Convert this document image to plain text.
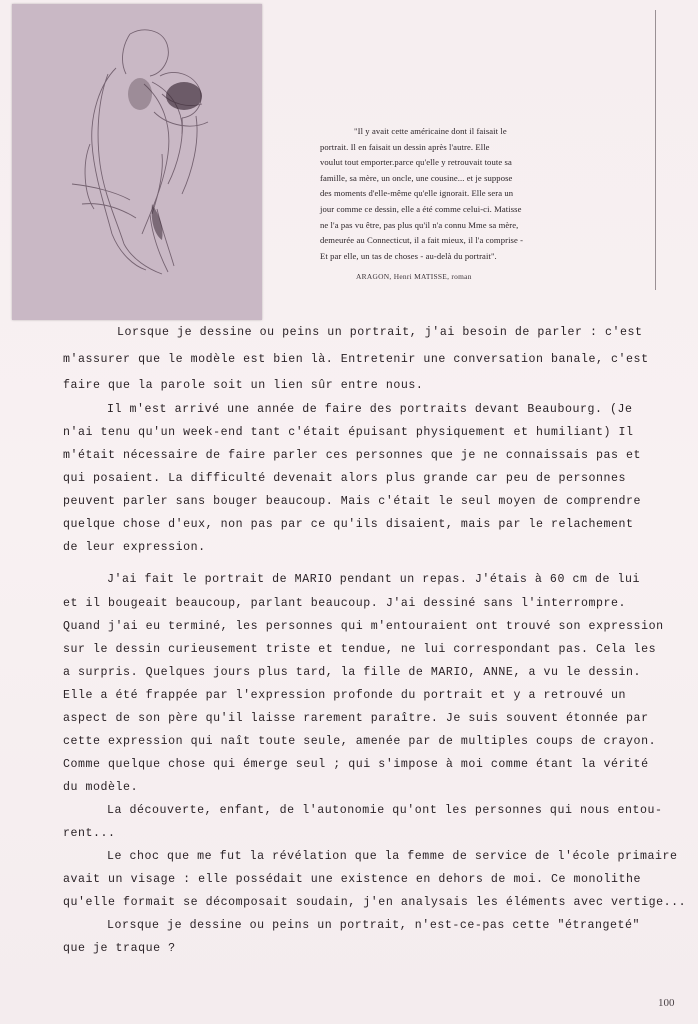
"Il y avait cette américaine dont il faisait le
portrait. Il en faisait un dessin après l'autre. Elle
voulut tout emporter.parce qu'elle y retrouvait toute sa
famille, sa mère, un oncle, une cousine... et je suppose
des moments d'elle-même qu'elle ignorait. Elle sera un
jour comme ce dessin, elle a été comme celui-ci. Matisse
ne l'a pas vu être, pas plus qu'il n'a connu Mme sa mère,
demeurée au Connecticut, il a fait mieux, il l'a comprise -
Et par elle, un tas de choses - au-delà du portrait".
ARAGON, Henri MATISSE, roman
Lorsque je dessine ou peins un portrait, j'ai besoin de parler : c'est
m'assurer que le modèle est bien là. Entretenir une conversation banale, c'est
faire que la parole soit un lien sûr entre nous.
Il m'est arrivé une année de faire des portraits devant Beaubourg. (Je
n'ai tenu qu'un week-end tant c'était épuisant physiquement et humiliant) Il
m'était nécessaire de faire parler ces personnes que je ne connaissais pas et
qui posaient. La difficulté devenait alors plus grande car peu de personnes
peuvent parler sans bouger beaucoup. Mais c'était le seul moyen de comprendre
quelque chose d'eux, non pas par ce qu'ils disaient, mais par le relachement
de leur expression.
J'ai fait le portrait de MARIO pendant un repas. J'étais à 60 cm de lui
et il bougeait beaucoup, parlant beaucoup. J'ai dessiné sans l'interrompre.
Quand j'ai eu terminé, les personnes qui m'entouraient ont trouvé son expression
sur le dessin curieusement triste et tendue, ne lui correspondant pas. Cela les
a surpris. Quelques jours plus tard, la fille de MARIO, ANNE, a vu le dessin.
Elle a été frappée par l'expression profonde du portrait et y a retrouvé un
aspect de son père qu'il laisse rarement paraître. Je suis souvent étonnée par
cette expression qui naît toute seule, amenée par de multiples coups de crayon.
Comme quelque chose qui émerge seul ; qui s'impose à moi comme étant la vérité
du modèle.
La découverte, enfant, de l'autonomie qu'ont les personnes qui nous entou-
rent...
Le choc que me fut la révélation que la femme de service de l'école primaire
avait un visage : elle possédait une existence en dehors de moi. Ce monolithe
qu'elle formait se décomposait soudain, j'en analysais les éléments avec vertige...
Lorsque je dessine ou peins un portrait, n'est-ce-pas cette "étrangeté"
que je traque ?
100
